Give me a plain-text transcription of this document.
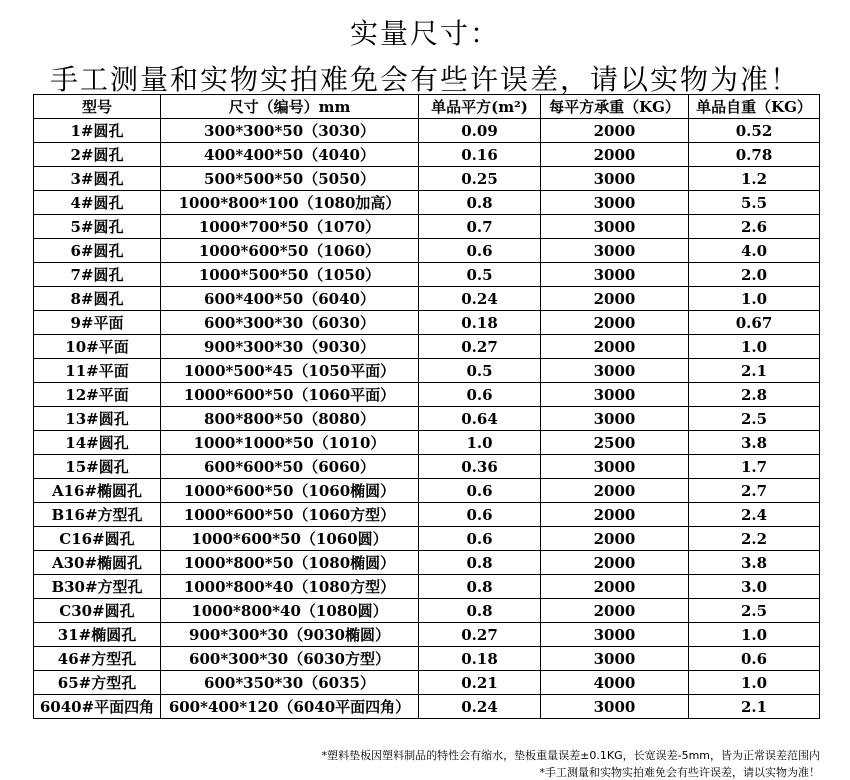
实量尺寸：
手工测量和实物实拍难免会有些许误差，请以实物为准！
型号	尺寸（编号）mm	单品平方(m²)	每平方承重（KG）	单品自重（KG）
1#圆孔	300*300*50（3030）	0.09	2000	0.52
2#圆孔	400*400*50（4040）	0.16	2000	0.78
3#圆孔	500*500*50（5050）	0.25	3000	1.2
4#圆孔	1000*800*100（1080加高）	0.8	3000	5.5
5#圆孔	1000*700*50（1070）	0.7	3000	2.6
6#圆孔	1000*600*50（1060）	0.6	3000	4.0
7#圆孔	1000*500*50（1050）	0.5	3000	2.0
8#圆孔	600*400*50（6040）	0.24	2000	1.0
9#平面	600*300*30（6030）	0.18	2000	0.67
10#平面	900*300*30（9030）	0.27	2000	1.0
11#平面	1000*500*45（1050平面）	0.5	3000	2.1
12#平面	1000*600*50（1060平面）	0.6	3000	2.8
13#圆孔	800*800*50（8080）	0.64	3000	2.5
14#圆孔	1000*1000*50（1010）	1.0	2500	3.8
15#圆孔	600*600*50（6060）	0.36	3000	1.7
A16#椭圆孔	1000*600*50（1060椭圆）	0.6	2000	2.7
B16#方型孔	1000*600*50（1060方型）	0.6	2000	2.4
C16#圆孔	1000*600*50（1060圆）	0.6	2000	2.2
A30#椭圆孔	1000*800*50（1080椭圆）	0.8	2000	3.8
B30#方型孔	1000*800*40（1080方型）	0.8	2000	3.0
C30#圆孔	1000*800*40（1080圆）	0.8	2000	2.5
31#椭圆孔	900*300*30（9030椭圆）	0.27	3000	1.0
46#方型孔	600*300*30（6030方型）	0.18	3000	0.6
65#方型孔	600*350*30（6035）	0.21	4000	1.0
6040#平面四角	600*400*120（6040平面四角）	0.24	3000	2.1
*塑料垫板因塑料制品的特性会有缩水，垫板重量误差±0.1KG，长宽误差-5mm，皆为正常误差范围内
*手工测量和实物实拍难免会有些许误差，请以实物为准！
